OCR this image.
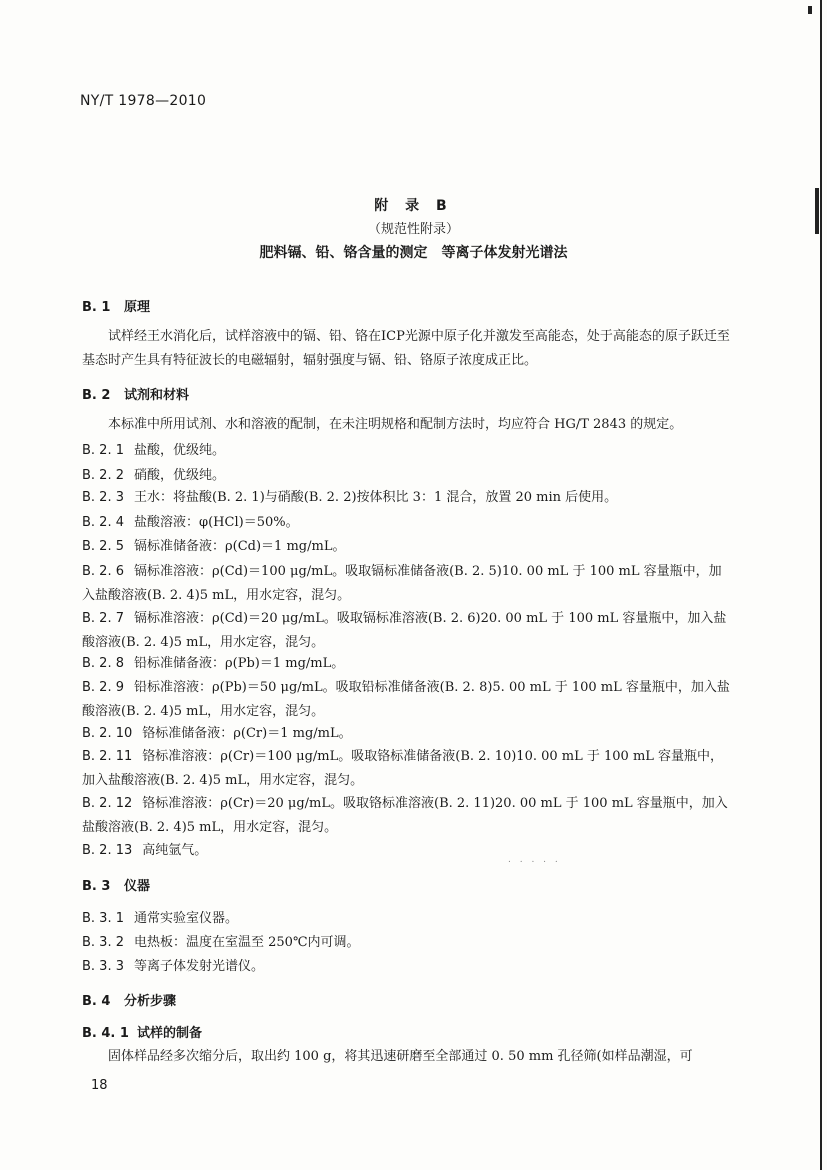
NY/T 1978—2010
附 录 B
（规范性附录）
肥料镉、铅、铬含量的测定　等离子体发射光谱法
B. 1 原理
试样经王水消化后，试样溶液中的镉、铅、铬在ICP光源中原子化并激发至高能态，处于高能态的原子跃迁至基态时产生具有特征波长的电磁辐射，辐射强度与镉、铅、铬原子浓度成正比。
B. 2 试剂和材料
本标准中所用试剂、水和溶液的配制，在未注明规格和配制方法时，均应符合 HG/T 2843 的规定。
B. 2. 1 盐酸，优级纯。
B. 2. 2 硝酸，优级纯。
B. 2. 3 王水：将盐酸(B. 2. 1)与硝酸(B. 2. 2)按体积比 3：1 混合，放置 20 min 后使用。
B. 2. 4 盐酸溶液：φ(HCl)＝50%。
B. 2. 5 镉标准储备液：ρ(Cd)＝1 mg/mL。
B. 2. 6 镉标准溶液：ρ(Cd)＝100 μg/mL。吸取镉标准储备液(B. 2. 5)10. 00 mL 于 100 mL 容量瓶中，加入盐酸溶液(B. 2. 4)5 mL，用水定容，混匀。
B. 2. 7 镉标准溶液：ρ(Cd)＝20 μg/mL。吸取镉标准溶液(B. 2. 6)20. 00 mL 于 100 mL 容量瓶中，加入盐酸溶液(B. 2. 4)5 mL，用水定容，混匀。
B. 2. 8 铅标准储备液：ρ(Pb)＝1 mg/mL。
B. 2. 9 铅标准溶液：ρ(Pb)＝50 μg/mL。吸取铅标准储备液(B. 2. 8)5. 00 mL 于 100 mL 容量瓶中，加入盐酸溶液(B. 2. 4)5 mL，用水定容，混匀。
B. 2. 10 铬标准储备液：ρ(Cr)＝1 mg/mL。
B. 2. 11 铬标准溶液：ρ(Cr)＝100 μg/mL。吸取铬标准储备液(B. 2. 10)10. 00 mL 于 100 mL 容量瓶中，加入盐酸溶液(B. 2. 4)5 mL，用水定容，混匀。
B. 2. 12 铬标准溶液：ρ(Cr)＝20 μg/mL。吸取铬标准溶液(B. 2. 11)20. 00 mL 于 100 mL 容量瓶中，加入盐酸溶液(B. 2. 4)5 mL，用水定容，混匀。
B. 2. 13 高纯氩气。
. . . . .
B. 3 仪器
B. 3. 1 通常实验室仪器。
B. 3. 2 电热板：温度在室温至 250℃内可调。
B. 3. 3 等离子体发射光谱仪。
B. 4 分析步骤
B. 4. 1 试样的制备
固体样品经多次缩分后，取出约 100 g，将其迅速研磨至全部通过 0. 50 mm 孔径筛(如样品潮湿，可
18
